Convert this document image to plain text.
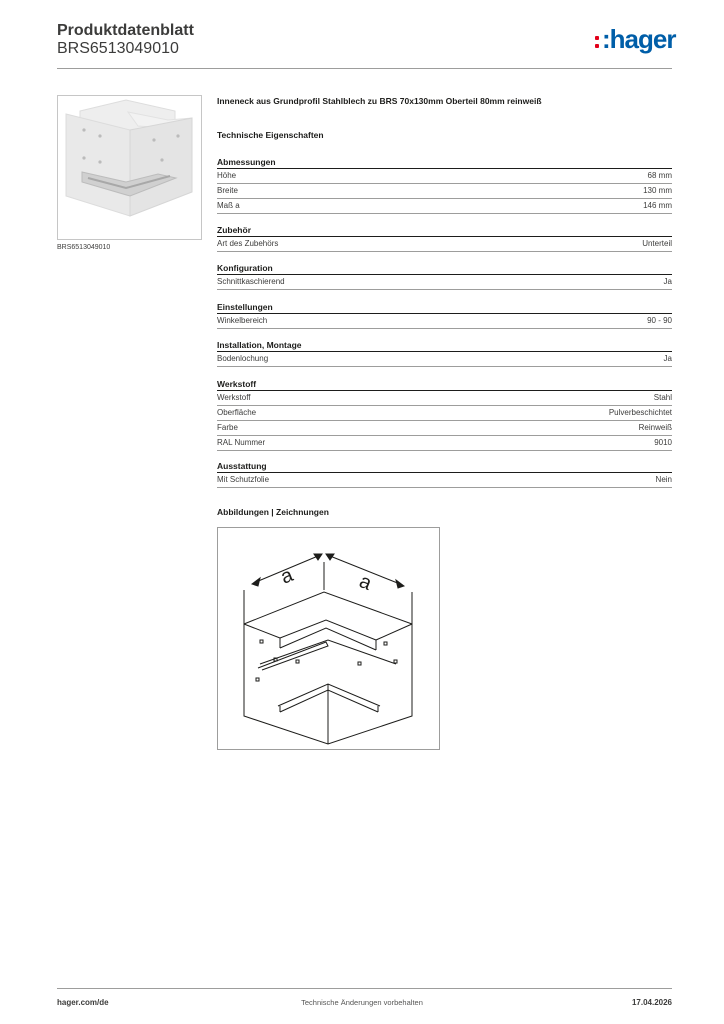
Produktdatenblatt
BRS6513049010	:hager
BRS6513049010
Inneneck aus Grundprofil Stahlblech zu BRS 70x130mm Oberteil 80mm reinweiß
Technische Eigenschaften
Abmessungen
Höhe	68 mm
Breite	130 mm
Maß a	146 mm
Zubehör
Art des Zubehörs	Unterteil
Konfiguration
Schnittkaschierend	Ja
Einstellungen
Winkelbereich	90 - 90
Installation, Montage
Bodenlochung	Ja
Werkstoff
Werkstoff	Stahl
Oberfläche	Pulverbeschichtet
Farbe	Reinweiß
RAL Nummer	9010
Ausstattung
Mit Schutzfolie	Nein
Abbildungen | Zeichnungen
a	a
hager.com/de	Technische Änderungen vorbehalten	17.04.2026
